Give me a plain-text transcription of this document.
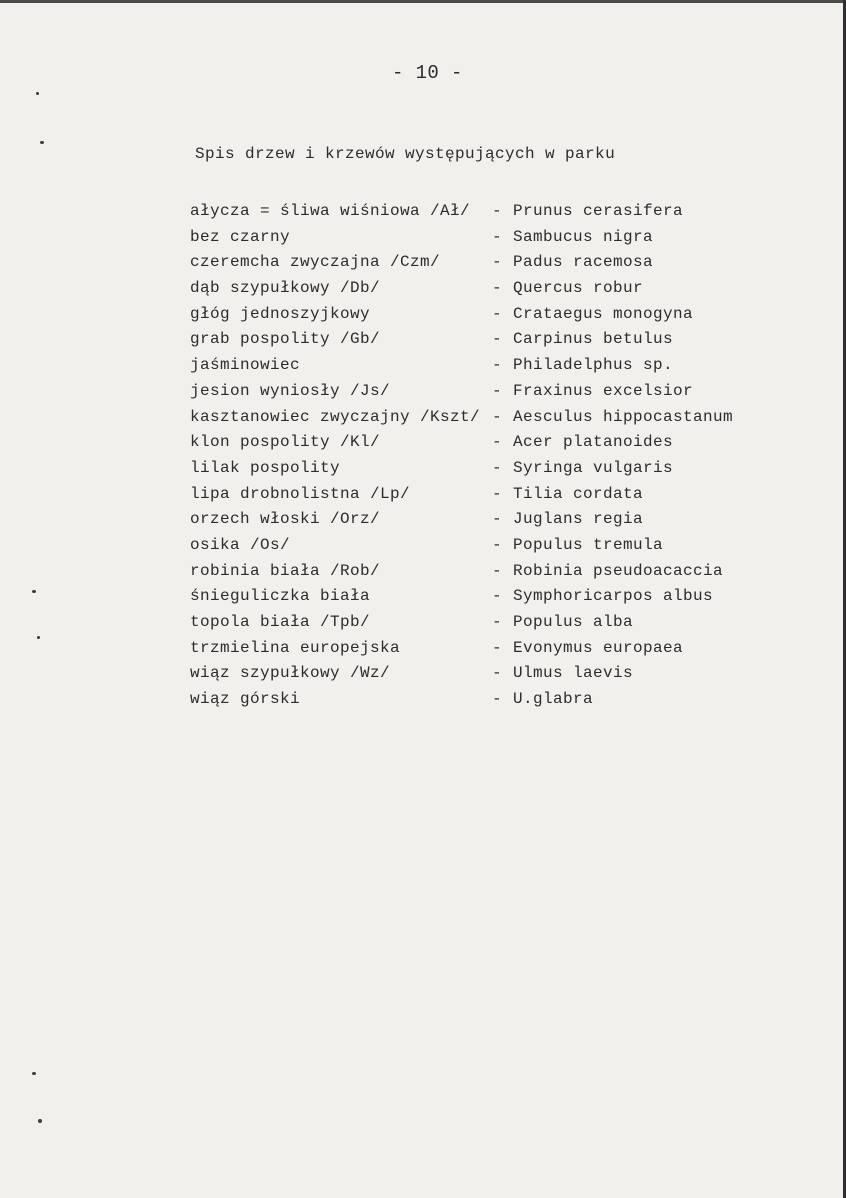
- 10 -
Spis drzew i krzewów występujących w parku
ałycza = śliwa wiśniowa /Ał/ - Prunus cerasifera
bez czarny	- Sambucus nigra
czeremcha zwyczajna /Czm/	- Padus racemosa
dąb szypułkowy /Db/	- Quercus robur
głóg jednoszyjkowy	- Crataegus monogyna
grab pospolity /Gb/	- Carpinus betulus
jaśminowiec	- Philadelphus sp.
jesion wyniosły /Js/	- Fraxinus excelsior
kasztanowiec zwyczajny /Kszt/ - Aesculus hippocastanum
klon pospolity /Kl/	- Acer platanoides
lilak pospolity	- Syringa vulgaris
lipa drobnolistna /Lp/	- Tilia cordata
orzech włoski /Orz/	- Juglans regia
osika /Os/	- Populus tremula
robinia biała /Rob/	- Robinia pseudoacaccia
śnieguliczka biała	- Symphoricarpos albus
topola biała /Tpb/	- Populus alba
trzmielina europejska	- Evonymus europaea
wiąz szypułkowy /Wz/	- Ulmus laevis
wiąz górski	- U.glabra
